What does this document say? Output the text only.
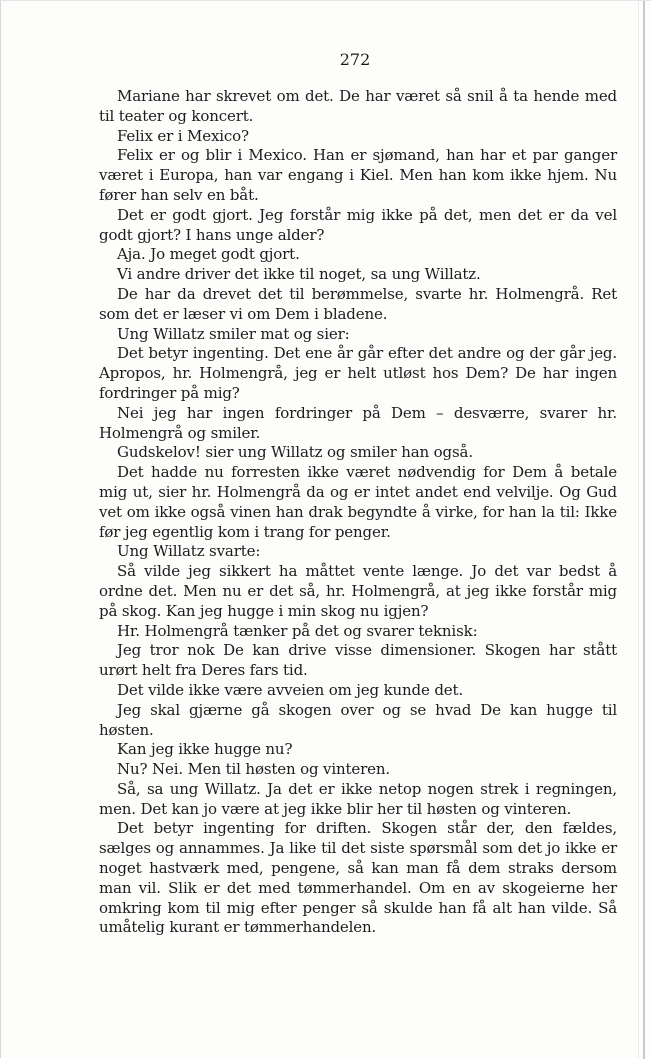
272

Mariane har skrevet om det. De har været så snil å ta hende med til teater og koncert.

Felix er i Mexico?

Felix er og blir i Mexico. Han er sjømand, han har et par ganger været i Europa, han var engang i Kiel. Men han kom ikke hjem. Nu fører han selv en båt.

Det er godt gjort. Jeg forstår mig ikke på det, men det er da vel godt gjort? I hans unge alder?

Aja. Jo meget godt gjort.

Vi andre driver det ikke til noget, sa ung Willatz.

De har da drevet det til berømmelse, svarte hr. Holmengrå. Ret som det er læser vi om Dem i bladene.

Ung Willatz smiler mat og sier:

Det betyr ingenting. Det ene år går efter det andre og der går jeg. Apropos, hr. Holmengrå, jeg er helt utløst hos Dem? De har ingen fordringer på mig?

Nei jeg har ingen fordringer på Dem – desværre, svarer hr. Holmengrå og smiler.

Gudskelov! sier ung Willatz og smiler han også.

Det hadde nu forresten ikke været nødvendig for Dem å betale mig ut, sier hr. Holmengrå da og er intet andet end velvilje. Og Gud vet om ikke også vinen han drak begyndte å virke, for han la til: Ikke før jeg egentlig kom i trang for penger.

Ung Willatz svarte:

Så vilde jeg sikkert ha måttet vente længe. Jo det var bedst å ordne det. Men nu er det så, hr. Holmengrå, at jeg ikke forstår mig på skog. Kan jeg hugge i min skog nu igjen?

Hr. Holmengrå tænker på det og svarer teknisk:

Jeg tror nok De kan drive visse dimensioner. Skogen har stått urørt helt fra Deres fars tid.

Det vilde ikke være avveien om jeg kunde det.

Jeg skal gjærne gå skogen over og se hvad De kan hugge til høsten.

Kan jeg ikke hugge nu?

Nu? Nei. Men til høsten og vinteren.

Så, sa ung Willatz. Ja det er ikke netop nogen strek i regningen, men. Det kan jo være at jeg ikke blir her til høsten og vinteren.

Det betyr ingenting for driften. Skogen står der, den fældes, sælges og annammes. Ja like til det siste spørsmål som det jo ikke er noget hastværk med, pengene, så kan man få dem straks dersom man vil. Slik er det med tømmerhandel. Om en av skogeierne her omkring kom til mig efter penger så skulde han få alt han vilde. Så umåtelig kurant er tømmerhandelen.
